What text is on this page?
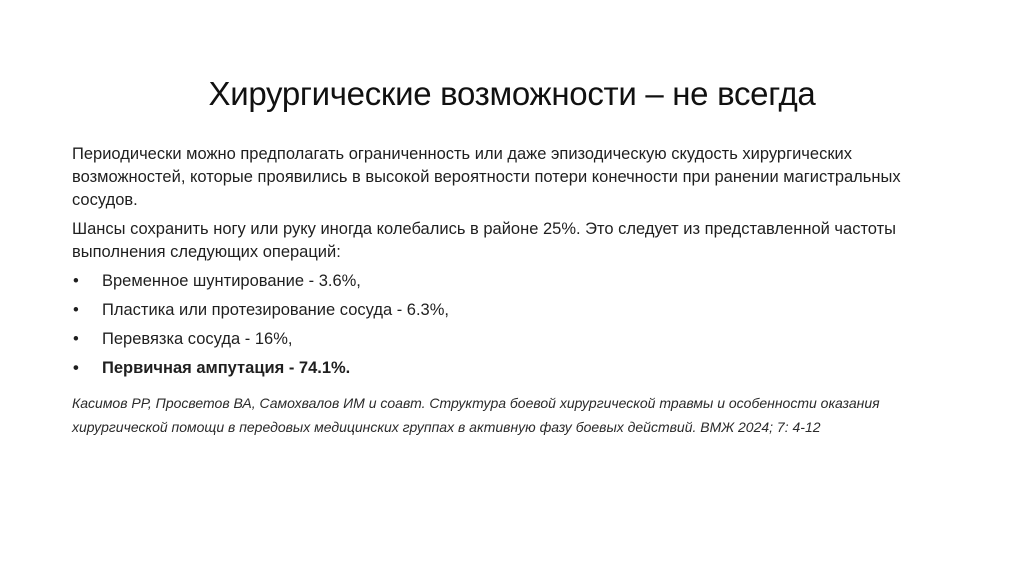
Хирургические возможности – не всегда

Периодически можно предполагать ограниченность или даже эпизодическую скудость хирургических возможностей, которые проявились в высокой вероятности потери конечности при ранении магистральных сосудов.

Шансы сохранить ногу или руку иногда колебались в районе 25%. Это следует из представленной частоты выполнения следующих операций:

• Временное шунтирование - 3.6%,
• Пластика или протезирование сосуда - 6.3%,
• Перевязка сосуда - 16%,
• Первичная ампутация - 74.1%.
Касимов РР, Просветов ВА, Самохвалов ИМ и соавт. Структура боевой хирургической травмы и особенности оказания хирургической помощи в передовых медицинских группах в активную фазу боевых действий. ВМЖ 2024; 7: 4-12
